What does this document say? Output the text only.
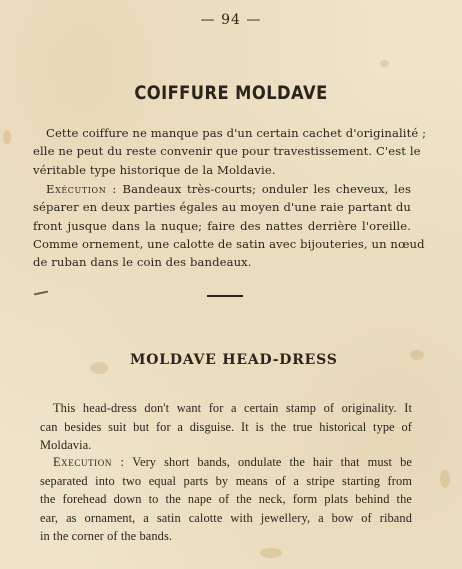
— 94 —
COIFFURE MOLDAVE
Cette coiffure ne manque pas d'un certain cachet d'originalité ;
elle ne peut du reste convenir que pour travestissement. C'est le
véritable type historique de la Moldavie.
Exécution : Bandeaux très-courts; onduler les cheveux, les
séparer en deux parties égales au moyen d'une raie partant du
front jusque dans la nuque; faire des nattes derrière l'oreille.
Comme ornement, une calotte de satin avec bijouteries, un nœud
de ruban dans le coin des bandeaux.
MOLDAVE HEAD-DRESS
This head-dress don't want for a certain stamp of originality. It
can besides suit but for a disguise. It is the true historical type of
Moldavia.
Execution : Very short bands, ondulate the hair that must be
separated into two equal parts by means of a stripe starting from
the forehead down to the nape of the neck, form plats behind the
ear, as ornament, a satin calotte with jewellery, a bow of riband
in the corner of the bands.
